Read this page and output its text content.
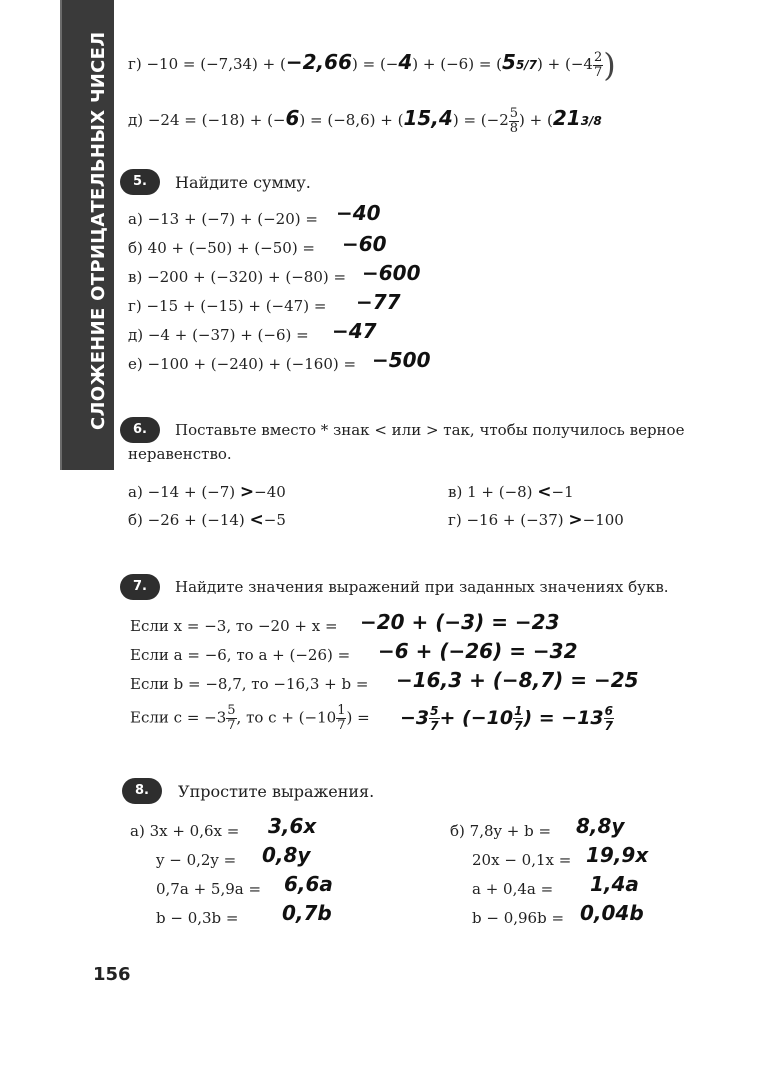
СЛОЖЕНИЕ ОТРИЦАТЕЛЬНЫХ ЧИСЕЛ $г) -10 = (-7,34) + (-2,66) = (-4) + (-6) = (55/7) + (-4 \frac{2}{7}$ )
$д) -24 = (-18) + (-6) = (-8,6) + (15,4) = (-2 \frac{5}{8}$ ) + (213/8
5.	Найдите сумму.
а) −13 + (−7) + (−20) = −40
б) 40 + (−50) + (−50) = −60
в) −200 + (−320) + (−80) = −600
г) −15 + (−15) + (−47) = −77
д) −4 + (−37) + (−6) = −47
е) −100 + (−240) + (−160) = −500
6.	Поставьте вместо * знак < или > так, чтобы получилось верное
неравенство.
а) −14 + (−7) >−40
б) −26 + (−14) <−5
в) 1 + (−8) <−1
г) −16 + (−37) >−100
7.	Найдите значения выражений при заданных значениях букв.
Если x = −3, то −20 + x = −20 + (−3) = −23
Если a = −6, то a + (−26) = −6 + (−26) = −32
Если b = −8,7, то −16,3 + b = −16,3 + (−8,7) = −25
Если $c = -3 \frac{5}{7}$ , то $c + (-10 \frac{1}{7}$ ) = $-3 \frac{5}{7} + (-10 \frac{1}{7}$ ) = $-13 \frac{6}{7}$
8.	Упростите выражения.
а) 3x + 0,6x = 3,6x
y − 0,2y = 0,8y
0,7a + 5,9a = 6,6a
b − 0,3b = 0,7b
б) 7,8y + b = 8,8y
20x − 0,1x = 19,9x
a + 0,4a = 1,4a
b − 0,96b = 0,04b
156
